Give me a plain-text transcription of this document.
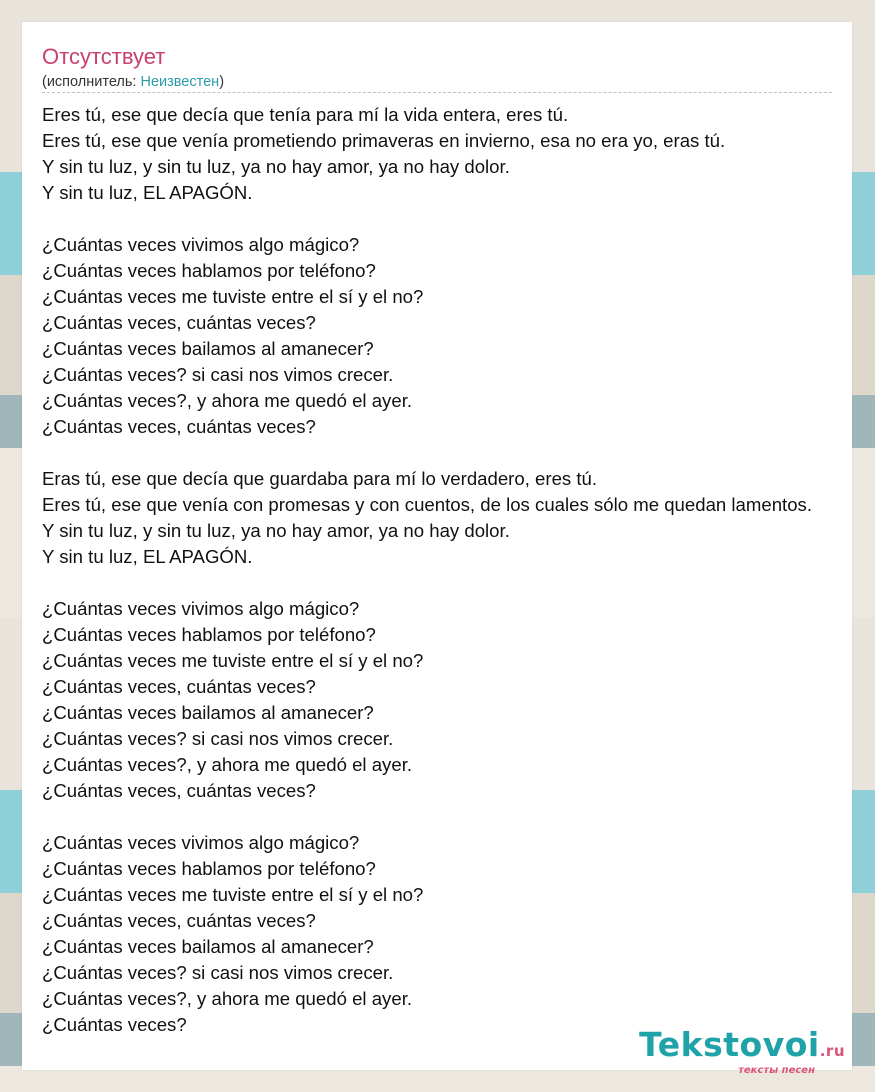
Отсутствует
(исполнитель: Неизвестен)
Eres tú, ese que decía que tenía para mí la vida entera, eres tú.
Eres tú, ese que venía prometiendo primaveras en invierno, esa no era yo, eras tú.
Y sin tu luz, y sin tu luz, ya no hay amor, ya no hay dolor.
Y sin tu luz, EL APAGÓN.
¿Cuántas veces vivimos algo mágico?
¿Cuántas veces hablamos por teléfono?
¿Cuántas veces me tuviste entre el sí y el no?
¿Cuántas veces, cuántas veces?
¿Cuántas veces bailamos al amanecer?
¿Cuántas veces? si casi nos vimos crecer.
¿Cuántas veces?, y ahora me quedó el ayer.
¿Cuántas veces, cuántas veces?
Eras tú, ese que decía que guardaba para mí lo verdadero, eres tú.
Eres tú, ese que venía con promesas y con cuentos, de los cuales sólo me quedan lamentos.
Y sin tu luz, y sin tu luz, ya no hay amor, ya no hay dolor.
Y sin tu luz, EL APAGÓN.
¿Cuántas veces vivimos algo mágico?
¿Cuántas veces hablamos por teléfono?
¿Cuántas veces me tuviste entre el sí y el no?
¿Cuántas veces, cuántas veces?
¿Cuántas veces bailamos al amanecer?
¿Cuántas veces? si casi nos vimos crecer.
¿Cuántas veces?, y ahora me quedó el ayer.
¿Cuántas veces, cuántas veces?
¿Cuántas veces vivimos algo mágico?
¿Cuántas veces hablamos por teléfono?
¿Cuántas veces me tuviste entre el sí y el no?
¿Cuántas veces, cuántas veces?
¿Cuántas veces bailamos al amanecer?
¿Cuántas veces? si casi nos vimos crecer.
¿Cuántas veces?, y ahora me quedó el ayer.
¿Cuántas veces?
Tekstovoi.ru
тексты песен
